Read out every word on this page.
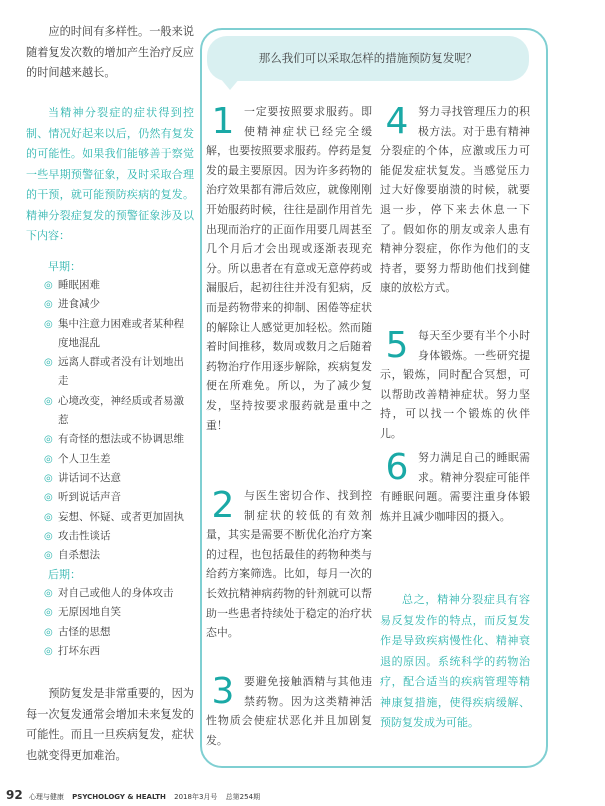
应的时间有多样性。一般来说随着复发次数的增加产生治疗反应的时间越来越长。

当精神分裂症的症状得到控制、情况好起来以后，仍然有复发的可能性。如果我们能够善于察觉一些早期预警征象，及时采取合理的干预，就可能预防疾病的复发。精神分裂症复发的预警征象涉及以下内容：
早期：
◎ 睡眠困难
◎ 进食减少
◎ 集中注意力困难或者某种程度地混乱
◎ 远离人群或者没有计划地出走
◎ 心境改变，神经质或者易激惹
◎ 有奇怪的想法或不协调思维
◎ 个人卫生差
◎ 讲话词不达意
◎ 听到说话声音
◎ 妄想、怀疑、或者更加固执
◎ 攻击性谈话
◎ 自杀想法
后期：
◎ 对自己或他人的身体攻击
◎ 无原因地自笑
◎ 古怪的思想
◎ 打坏东西
预防复发是非常重要的，因为每一次复发通常会增加未来复发的可能性。而且一旦疾病复发，症状也就变得更加难治。
那么我们可以采取怎样的措施预防复发呢？
1 一定要按照要求服药。即使精神症状已经完全缓解，也要按照要求服药。停药是复发的最主要原因。因为许多药物的治疗效果都有滞后效应，就像刚刚开始服药时候，往往是副作用首先出现而治疗的正面作用要几周甚至几个月后才会出现或逐渐表现充分。所以患者在有意或无意停药或漏服后，起初往往并没有犯病，反而是药物带来的抑制、困倦等症状的解除让人感觉更加轻松。然而随着时间推移，数周或数月之后随着药物治疗作用逐步解除，疾病复发便在所难免。所以，为了减少复发，坚持按要求服药就是重中之重！
2 与医生密切合作、找到控制症状的较低的有效剂量，其实是需要不断优化治疗方案的过程，也包括最佳的药物种类与给药方案筛选。比如，每月一次的长效抗精神病药物的针剂就可以帮助一些患者持续处于稳定的治疗状态中。
3 要避免接触酒精与其他违禁药物。因为这类精神活性物质会使症状恶化并且加剧复发。
4 努力寻找管理压力的积极方法。对于患有精神分裂症的个体，应激或压力可能促发症状复发。当感觉压力过大好像要崩溃的时候，就要退一步，停下来去休息一下了。假如你的朋友或亲人患有精神分裂症，你作为他们的支持者，要努力帮助他们找到健康的放松方式。
5 每天至少要有半个小时身体锻炼。一些研究提示，锻炼，同时配合冥想，可以帮助改善精神症状。努力坚持，可以找一个锻炼的伙伴儿。
6 努力满足自己的睡眠需求。精神分裂症可能伴有睡眠问题。需要注重身体锻炼并且减少咖啡因的摄入。
总之，精神分裂症具有容易反复发作的特点，而反复发作是导致疾病慢性化、精神衰退的原因。系统科学的药物治疗，配合适当的疾病管理等精神康复措施，使得疾病缓解、预防复发成为可能。
92 心理与健康 PSYCHOLOGY & HEALTH 2018年3月号 总第254期
